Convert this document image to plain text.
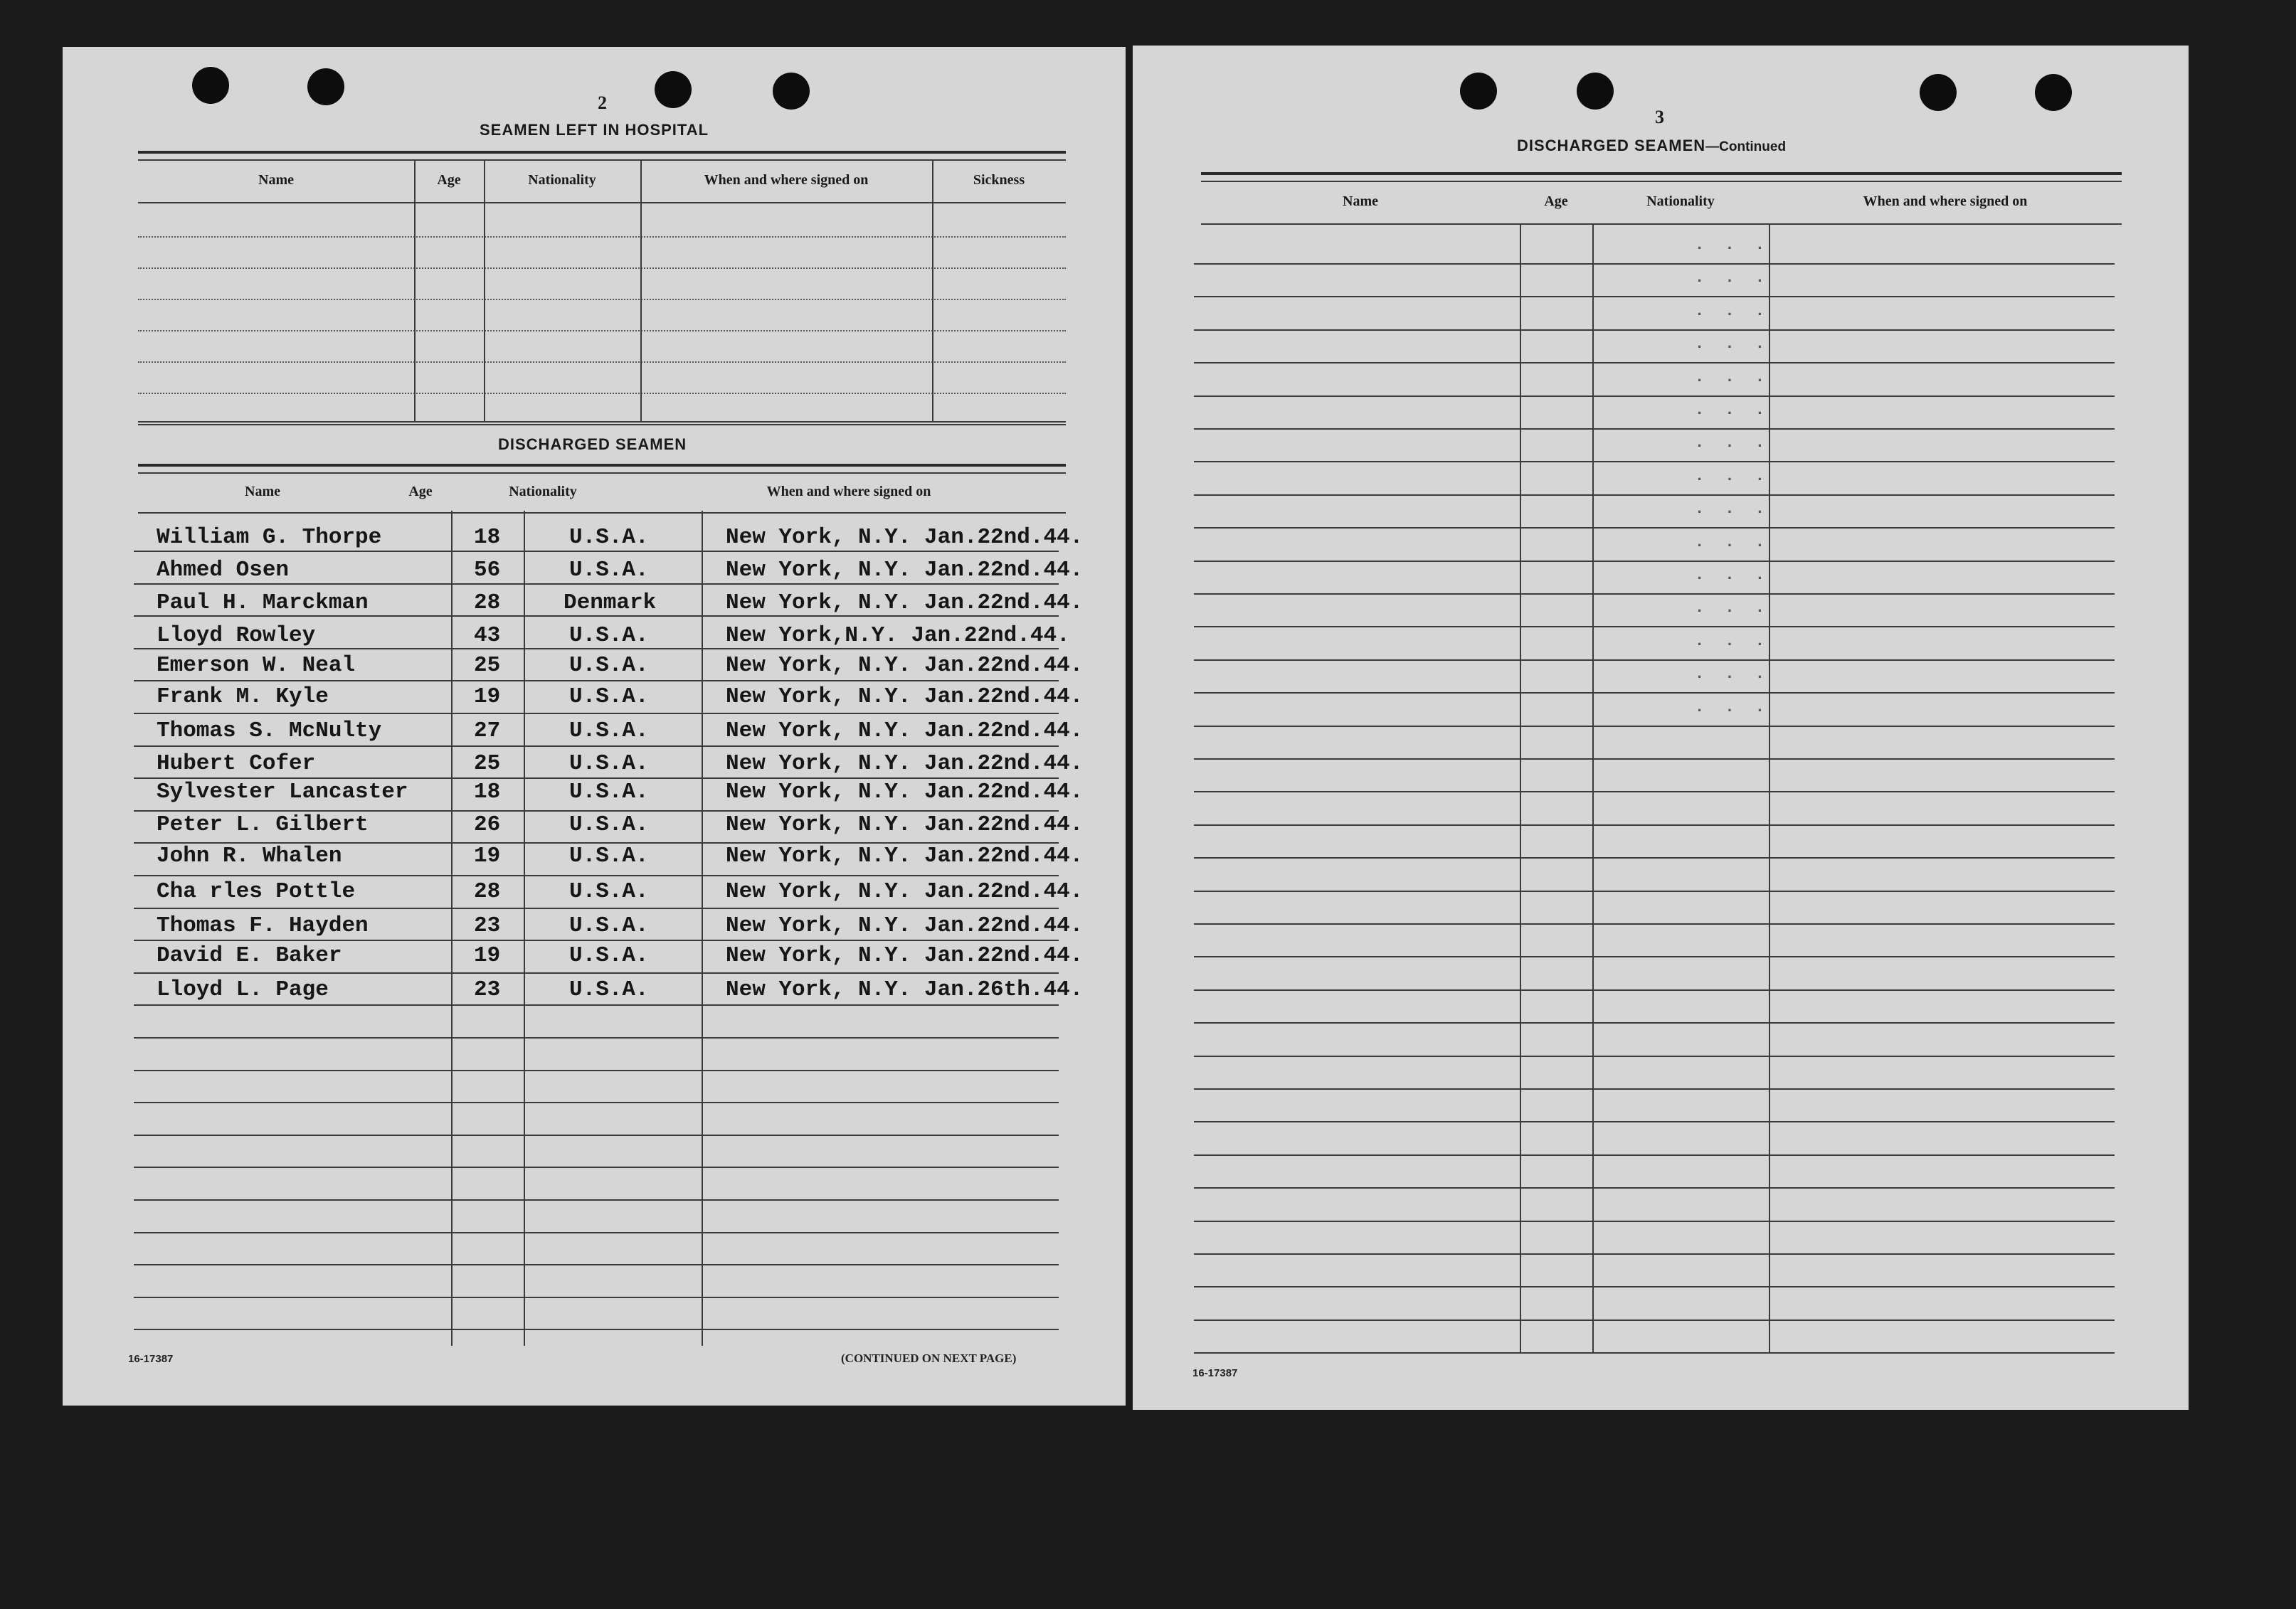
2
SEAMEN LEFT IN HOSPITAL
Name	Age	Nationality	When and where signed on	Sickness
DISCHARGED SEAMEN
Name	Age	Nationality	When and where signed on
William G. Thorpe	18	U.S.A.	New York, N.Y. Jan.22nd.44.
Ahmed Osen	56	U.S.A.	New York, N.Y. Jan.22nd.44.
Paul H. Marckman	28	Denmark	New York, N.Y. Jan.22nd.44.
Lloyd Rowley	43	U.S.A.	New York,N.Y. Jan.22nd.44.
Emerson W. Neal	25	U.S.A.	New York, N.Y. Jan.22nd.44.
Frank M. Kyle	19	U.S.A.	New York, N.Y. Jan.22nd.44.
Thomas S. McNulty	27	U.S.A.	New York, N.Y. Jan.22nd.44.
Hubert Cofer	25	U.S.A.	New York, N.Y. Jan.22nd.44.
Sylvester Lancaster	18	U.S.A.	New York, N.Y. Jan.22nd.44.
Peter L. Gilbert	26	U.S.A.	New York, N.Y. Jan.22nd.44.
John R. Whalen	19	U.S.A.	New York, N.Y. Jan.22nd.44.
Cha rles Pottle	28	U.S.A.	New York, N.Y. Jan.22nd.44.
Thomas F. Hayden	23	U.S.A.	New York, N.Y. Jan.22nd.44.
David E. Baker	19	U.S.A.	New York, N.Y. Jan.22nd.44.
Lloyd L. Page	23	U.S.A.	New York, N.Y. Jan.26th.44.
16-17387	(CONTINUED ON NEXT PAGE)
3
DISCHARGED SEAMEN—Continued
Name	Age	Nationality	When and where signed on
. . .
. . .
. . .
. . .
. . .
. . .
. . .
. . .
. . .
. . .
. . .
. . .
. . .
. . .
. . .
16-17387
